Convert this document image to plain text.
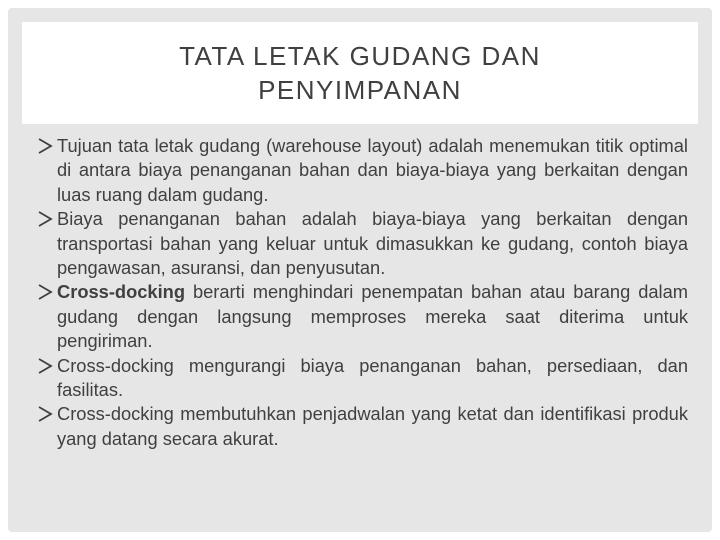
TATA LETAK GUDANG DAN
PENYIMPANAN
Tujuan tata letak gudang (warehouse layout) adalah menemukan titik optimal di antara biaya penanganan bahan dan biaya-biaya yang berkaitan dengan luas ruang dalam gudang.
Biaya penanganan bahan adalah biaya-biaya yang berkaitan dengan transportasi bahan yang keluar untuk dimasukkan ke gudang, contoh biaya pengawasan, asuransi, dan penyusutan.
Cross-docking berarti menghindari penempatan bahan atau barang dalam gudang dengan langsung memproses mereka saat diterima untuk pengiriman.
Cross-docking mengurangi biaya penanganan bahan, persediaan, dan fasilitas.
Cross-docking membutuhkan penjadwalan yang ketat dan identifikasi produk yang datang secara akurat.
